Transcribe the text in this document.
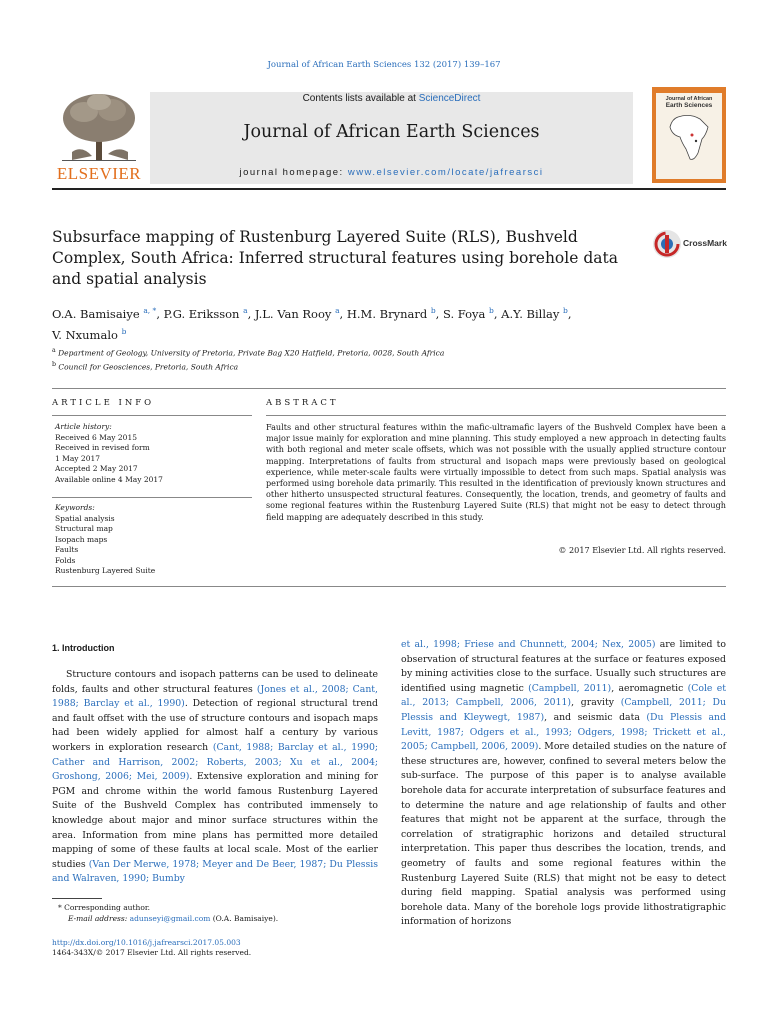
Journal of African Earth Sciences 132 (2017) 139–167
ELSEVIER
Contents lists available at ScienceDirect
Journal of African Earth Sciences
journal homepage: www.elsevier.com/locate/jafrearsci
Journal of African
Earth Sciences
Subsurface mapping of Rustenburg Layered Suite (RLS), Bushveld Complex, South Africa: Inferred structural features using borehole data and spatial analysis
CrossMark
O.A. Bamisaiye $^{a, *}$, P.G. Eriksson $^a$, J.L. Van Rooy $^a$, H.M. Brynard $^b$, S. Foya $^b$, A.Y. Billay $^b$,
V. Nxumalo $^b$
$^a$ Department of Geology, University of Pretoria, Private Bag X20 Hatfield, Pretoria, 0028, South Africa
$^b$ Council for Geosciences, Pretoria, South Africa
ARTICLE INFO
Article history:
Received 6 May 2015
Received in revised form
1 May 2017
Accepted 2 May 2017
Available online 4 May 2017
Keywords:
Spatial analysis
Structural map
Isopach maps
Faults
Folds
Rustenburg Layered Suite
ABSTRACT
Faults and other structural features within the mafic-ultramafic layers of the Bushveld Complex have been a major issue mainly for exploration and mine planning. This study employed a new approach in detecting faults with both regional and meter scale offsets, which was not possible with the usually applied structure contour mapping. Interpretations of faults from structural and isopach maps were previously based on geological experience, while meter-scale faults were virtually impossible to detect from such maps. Spatial analysis was performed using borehole data primarily. This resulted in the identification of previously known structures and other hitherto unsuspected structural features. Consequently, the location, trends, and geometry of faults and some regional features within the Rustenburg Layered Suite (RLS) that might not be easy to detect through field mapping are adequately described in this study.
© 2017 Elsevier Ltd. All rights reserved.
1. Introduction

Structure contours and isopach patterns can be used to delineate folds, faults and other structural features (Jones et al., 2008; Cant, 1988; Barclay et al., 1990). Detection of regional structural trend and fault offset with the use of structure contours and isopach maps had been widely applied for almost half a century by various workers in exploration research (Cant, 1988; Barclay et al., 1990; Cather and Harrison, 2002; Roberts, 2003; Xu et al., 2004; Groshong, 2006; Mei, 2009). Extensive exploration and mining for PGM and chrome within the world famous Rustenburg Layered Suite of the Bushveld Complex has contributed immensely to knowledge about major and minor surface structures within the area. Information from mine plans has permitted more detailed mapping of some of these faults at local scale. Most of the earlier studies (Van Der Merwe, 1978; Meyer and De Beer, 1987; Du Plessis and Walraven, 1990; Bumby

et al., 1998; Friese and Chunnett, 2004; Nex, 2005) are limited to observation of structural features at the surface or features exposed by mining activities close to the surface. Usually such structures are identified using magnetic (Campbell, 2011), aeromagnetic (Cole et al., 2013; Campbell, 2006, 2011), gravity (Campbell, 2011; Du Plessis and Kleywegt, 1987), and seismic data (Du Plessis and Levitt, 1987; Odgers et al., 1993; Odgers, 1998; Trickett et al., 2005; Campbell, 2006, 2009). More detailed studies on the nature of these structures are, however, confined to several meters below the sub-surface. The purpose of this paper is to analyse available borehole data for accurate interpretation of subsurface features and to determine the nature and age relationship of faults and other features that might not be apparent at the surface, through the correlation of stratigraphic horizons and detailed structural interpretation. This paper thus describes the location, trends, and geometry of faults and some regional features within the Rustenburg Layered Suite (RLS) that might not be easy to detect during field mapping. Spatial analysis was performed using borehole data. Many of the borehole logs provide lithostratigraphic information of horizons

* Corresponding author.
E-mail address: adunseyi@gmail.com (O.A. Bamisaiye).
http://dx.doi.org/10.1016/j.jafrearsci.2017.05.003
1464-343X/© 2017 Elsevier Ltd. All rights reserved.
